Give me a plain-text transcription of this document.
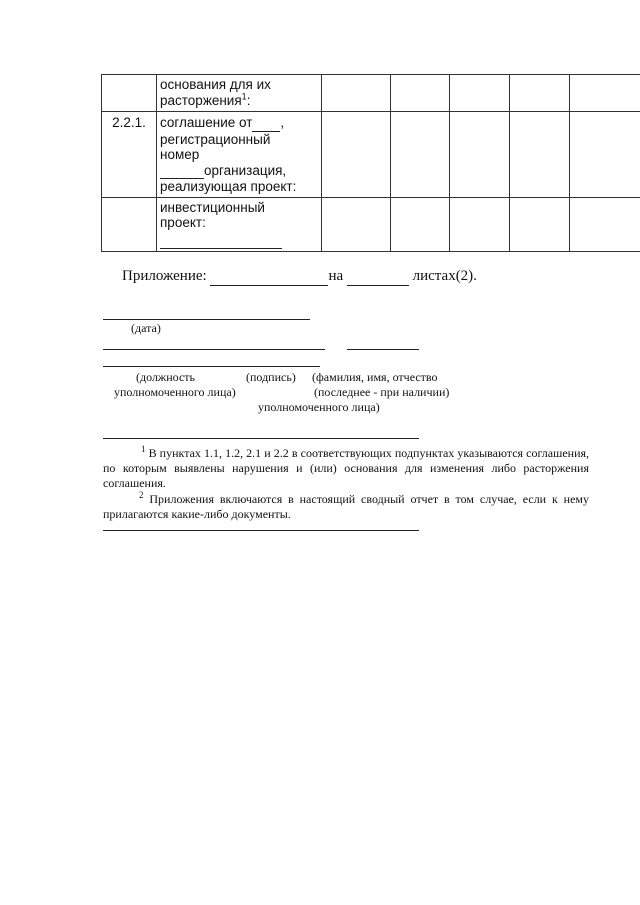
	основания для их
расторжения$^1$:					

2.2.1.	соглашение от ,
регистрационный
номер
организация,
реализующая проект:					

	инвестиционный
проект:					

Приложение:	на	листах(2).
(дата)
(должность
уполномоченного лица)
(подпись) (фамилия, имя, отчество
(последнее - при наличии)
уполномоченного лица)
$^1$ В пунктах 1.1, 1.2, 2.1 и 2.2 в соответствующих подпунктах указываются соглашения, по которым выявлены нарушения и (или) основания для изменения либо расторжения соглашения.
$^2$ Приложения включаются в настоящий сводный отчет в том случае, если к нему прилагаются какие-либо документы.
